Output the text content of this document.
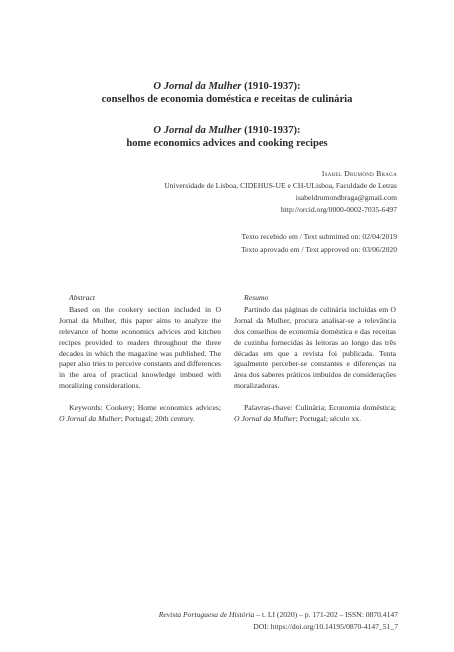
O Jornal da Mulher (1910-1937):
conselhos de economia doméstica e receitas de culinária
O Jornal da Mulher (1910-1937):
home economics advices and cooking recipes
Isabel Drumond Braga
Universidade de Lisboa, CIDEHUS-UE e CH-ULisboa, Faculdade de Letras
isabeldrumondbraga@gmail.com
http://orcid.org/0000-0002-7035-6497
Texto recebido em / Text submitted on: 02/04/2019
Texto aprovado em / Text approved on: 03/06/2020
Abstract

Based on the cookery section included in O Jornal da Mulher, this paper aims to analyze the relevance of home economics advices and kitchen recipes provided to readers throughout the three decades in which the magazine was published. The paper also tries to perceive constants and differences in the area of practical knowledge imbued with moralizing considerations.

Keywords: Cookery; Home economics advices; O Jornal da Mulher; Portugal; 20th century.

Resumo

Partindo das páginas de culinária incluídas em O Jornal da Mulher, procura analisar-se a relevância dos conselhos de economia doméstica e das receitas de cozinha fornecidas às leitoras ao longo das três décadas em que a revista foi publicada. Tenta igualmente perceber-se constantes e diferenças na área dos saberes práticos imbuídos de considerações moralizadoras.

Palavras-chave: Culinária; Economia doméstica; O Jornal da Mulher; Portugal; século xx.

Revista Portuguesa de História – t. LI (2020) – p. 171-202 – ISSN: 0870.4147
DOI: https://doi.org/10.14195/0870-4147_51_7
